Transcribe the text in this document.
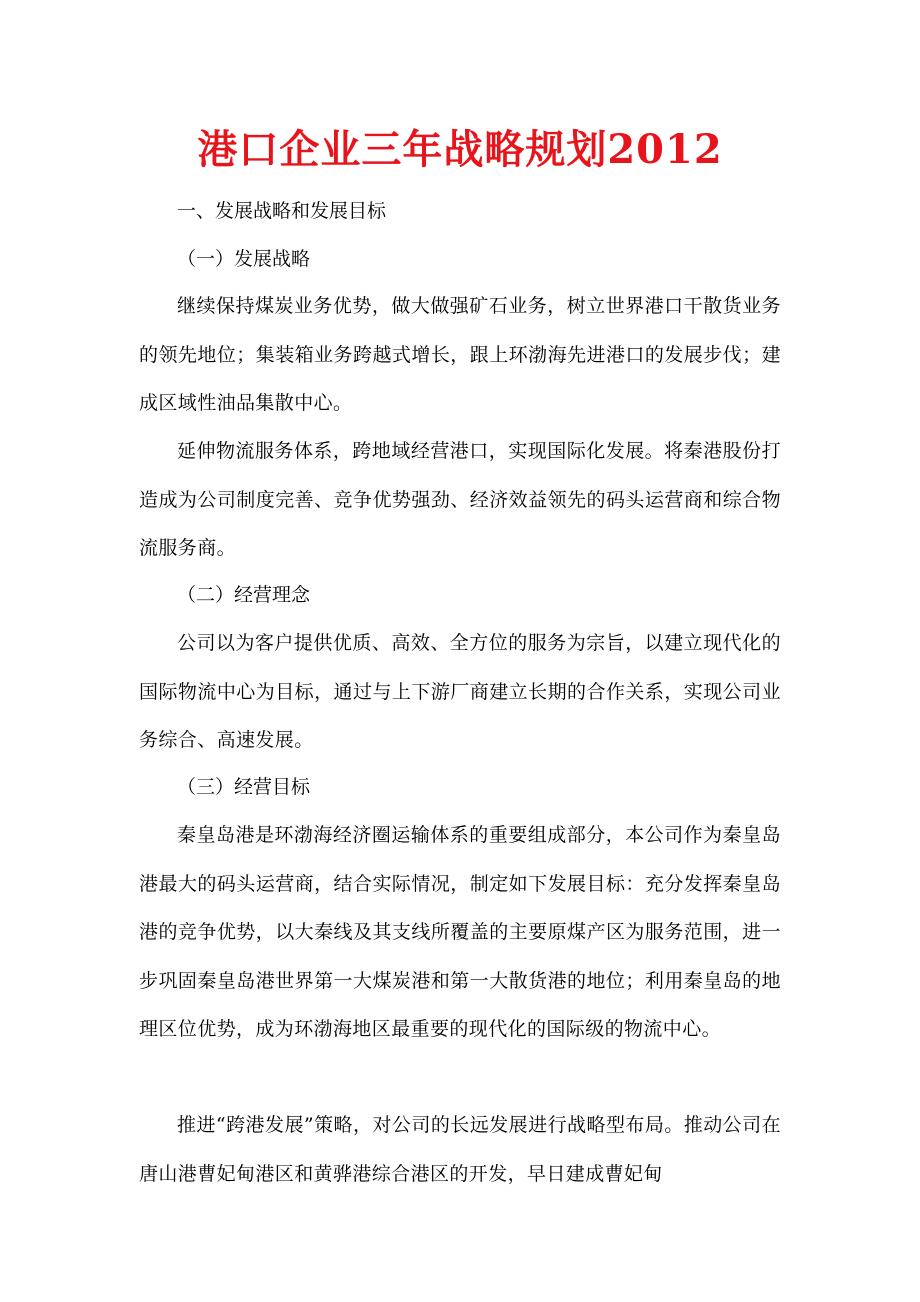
港口企业三年战略规划2012
一、发展战略和发展目标
（一）发展战略
继续保持煤炭业务优势，做大做强矿石业务，树立世界港口干散货业务的领先地位；集装箱业务跨越式增长，跟上环渤海先进港口的发展步伐；建成区域性油品集散中心。
延伸物流服务体系，跨地域经营港口，实现国际化发展。将秦港股份打造成为公司制度完善、竞争优势强劲、经济效益领先的码头运营商和综合物流服务商。
（二）经营理念
公司以为客户提供优质、高效、全方位的服务为宗旨，以建立现代化的国际物流中心为目标，通过与上下游厂商建立长期的合作关系，实现公司业务综合、高速发展。
（三）经营目标
秦皇岛港是环渤海经济圈运输体系的重要组成部分，本公司作为秦皇岛港最大的码头运营商，结合实际情况，制定如下发展目标：充分发挥秦皇岛港的竞争优势，以大秦线及其支线所覆盖的主要原煤产区为服务范围，进一步巩固秦皇岛港世界第一大煤炭港和第一大散货港的地位；利用秦皇岛的地理区位优势，成为环渤海地区最重要的现代化的国际级的物流中心。
推进“跨港发展”策略，对公司的长远发展进行战略型布局。推动公司在唐山港曹妃甸港区和黄骅港综合港区的开发，早日建成曹妃甸
